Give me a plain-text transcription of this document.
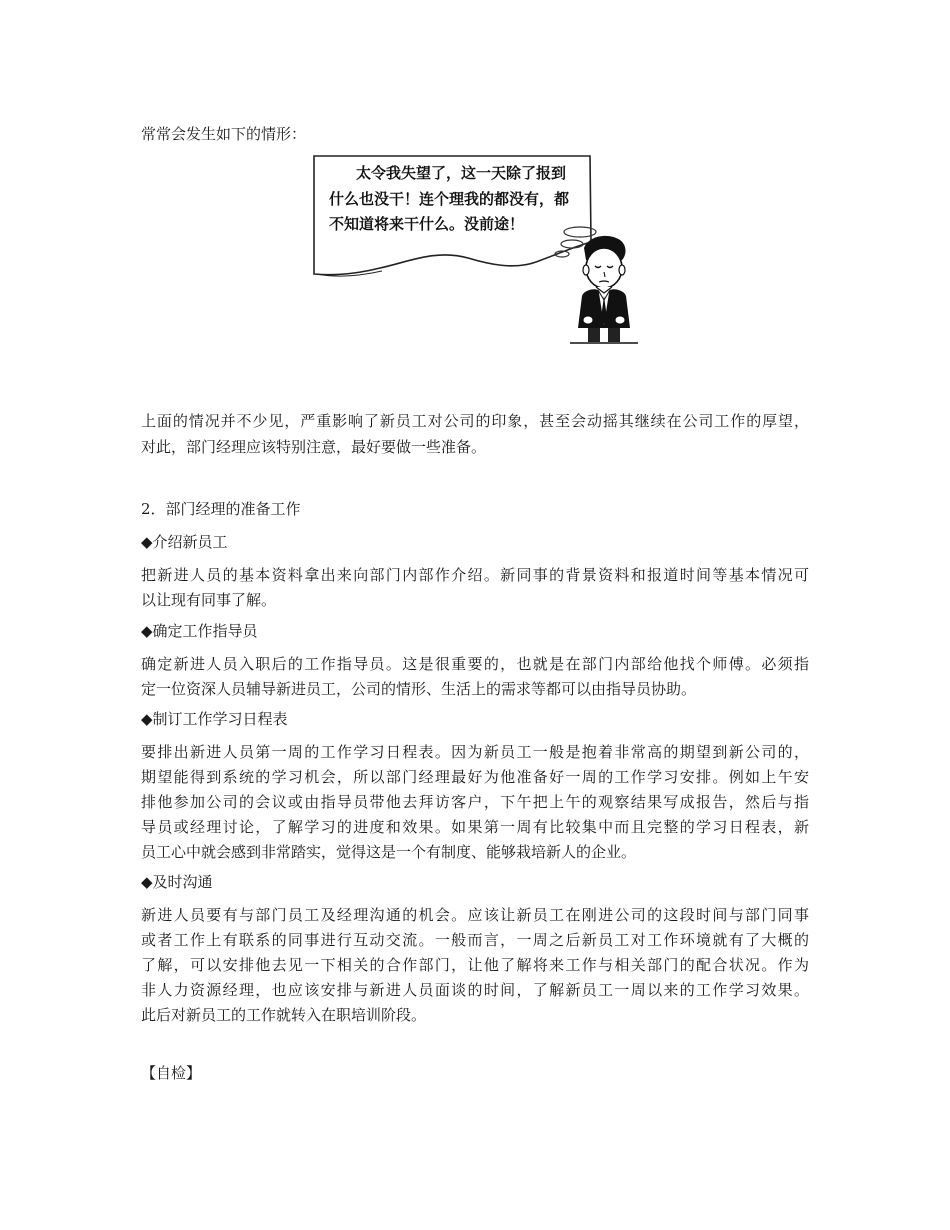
常常会发生如下的情形：
太令我失望了，这一天除了报到
什么也没干！连个理我的都没有，都
不知道将来干什么。没前途！
上面的情况并不少见，严重影响了新员工对公司的印象，甚至会动摇其继续在公司工作的厚望，
对此，部门经理应该特别注意，最好要做一些准备。
2．部门经理的准备工作
◆介绍新员工
把新进人员的基本资料拿出来向部门内部作介绍。新同事的背景资料和报道时间等基本情况可
以让现有同事了解。
◆确定工作指导员
确定新进人员入职后的工作指导员。这是很重要的，也就是在部门内部给他找个师傅。必须指
定一位资深人员辅导新进员工，公司的情形、生活上的需求等都可以由指导员协助。
◆制订工作学习日程表
要排出新进人员第一周的工作学习日程表。因为新员工一般是抱着非常高的期望到新公司的，
期望能得到系统的学习机会，所以部门经理最好为他准备好一周的工作学习安排。例如上午安
排他参加公司的会议或由指导员带他去拜访客户，下午把上午的观察结果写成报告，然后与指
导员或经理讨论，了解学习的进度和效果。如果第一周有比较集中而且完整的学习日程表，新
员工心中就会感到非常踏实，觉得这是一个有制度、能够栽培新人的企业。
◆及时沟通
新进人员要有与部门员工及经理沟通的机会。应该让新员工在刚进公司的这段时间与部门同事
或者工作上有联系的同事进行互动交流。一般而言，一周之后新员工对工作环境就有了大概的
了解，可以安排他去见一下相关的合作部门，让他了解将来工作与相关部门的配合状况。作为
非人力资源经理，也应该安排与新进人员面谈的时间，了解新员工一周以来的工作学习效果。
此后对新员工的工作就转入在职培训阶段。
【自检】
